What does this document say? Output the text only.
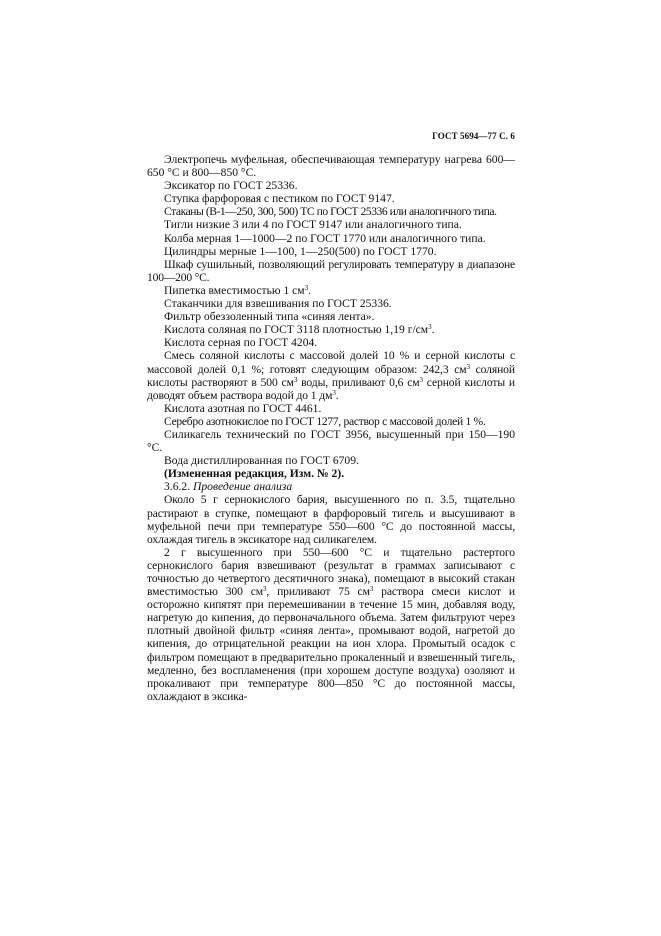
ГОСТ 5694—77 С. 6

Электропечь муфельная, обеспечивающая температуру нагрева 600—650 °С и 800—850 °С.

Эксикатор по ГОСТ 25336.

Ступка фарфоровая с пестиком по ГОСТ 9147.

Стаканы (В-1—250, 300, 500) ТС по ГОСТ 25336 или аналогичного типа.

Тигли низкие 3 или 4 по ГОСТ 9147 или аналогичного типа.

Колба мерная 1—1000—2 по ГОСТ 1770 или аналогичного типа.

Цилиндры мерные 1—100, 1—250(500) по ГОСТ 1770.

Шкаф сушильный, позволяющий регулировать температуру в диапазоне 100—200 °С.

Пипетка вместимостью 1 $см^3$.

Стаканчики для взвешивания по ГОСТ 25336.

Фильтр обеззоленный типа «синяя лента».

Кислота соляная по ГОСТ 3118 плотностью 1,19 $г/см^3$.

Кислота серная по ГОСТ 4204.

Смесь соляной кислоты с массовой долей 10 % и серной кислоты с массовой долей 0,1 %; готовят следующим образом: 242,3 $см^3$ соляной кислоты растворяют в 500 $см^3$ воды, приливают 0,6 $см^3$ серной кислоты и доводят объем раствора водой до 1 $дм^3$.

Кислота азотная по ГОСТ 4461.

Серебро азотнокислое по ГОСТ 1277, раствор с массовой долей 1 %.

Силикагель технический по ГОСТ 3956, высушенный при 150—190 °С.

Вода дистиллированная по ГОСТ 6709.

(Измененная редакция, Изм. № 2).

3.6.2. Проведение анализа

Около 5 г сернокислого бария, высушенного по п. 3.5, тщательно растирают в ступке, помещают в фарфоровый тигель и высушивают в муфельной печи при температуре 550—600 °С до постоянной массы, охлаждая тигель в эксикаторе над силикагелем.

2 г высушенного при 550—600 °С и тщательно растертого сернокислого бария взвешивают (результат в граммах записывают с точностью до четвертого десятичного знака), помещают в высокий стакан вместимостью 300 $см^3$, приливают 75 $см^3$ раствора смеси кислот и осторожно кипятят при перемешивании в течение 15 мин, добавляя воду, нагретую до кипения, до первоначального объема. Затем фильтруют через плотный двойной фильтр «синяя лента», промывают водой, нагретой до кипения, до отрицательной реакции на ион хлора. Промытый осадок с фильтром помещают в предварительно прокаленный и взвешенный тигель, медленно, без воспламенения (при хорошем доступе воздуха) озоляют и прокаливают при температуре 800—850 °С до постоянной массы, охлаждают в эксика-
